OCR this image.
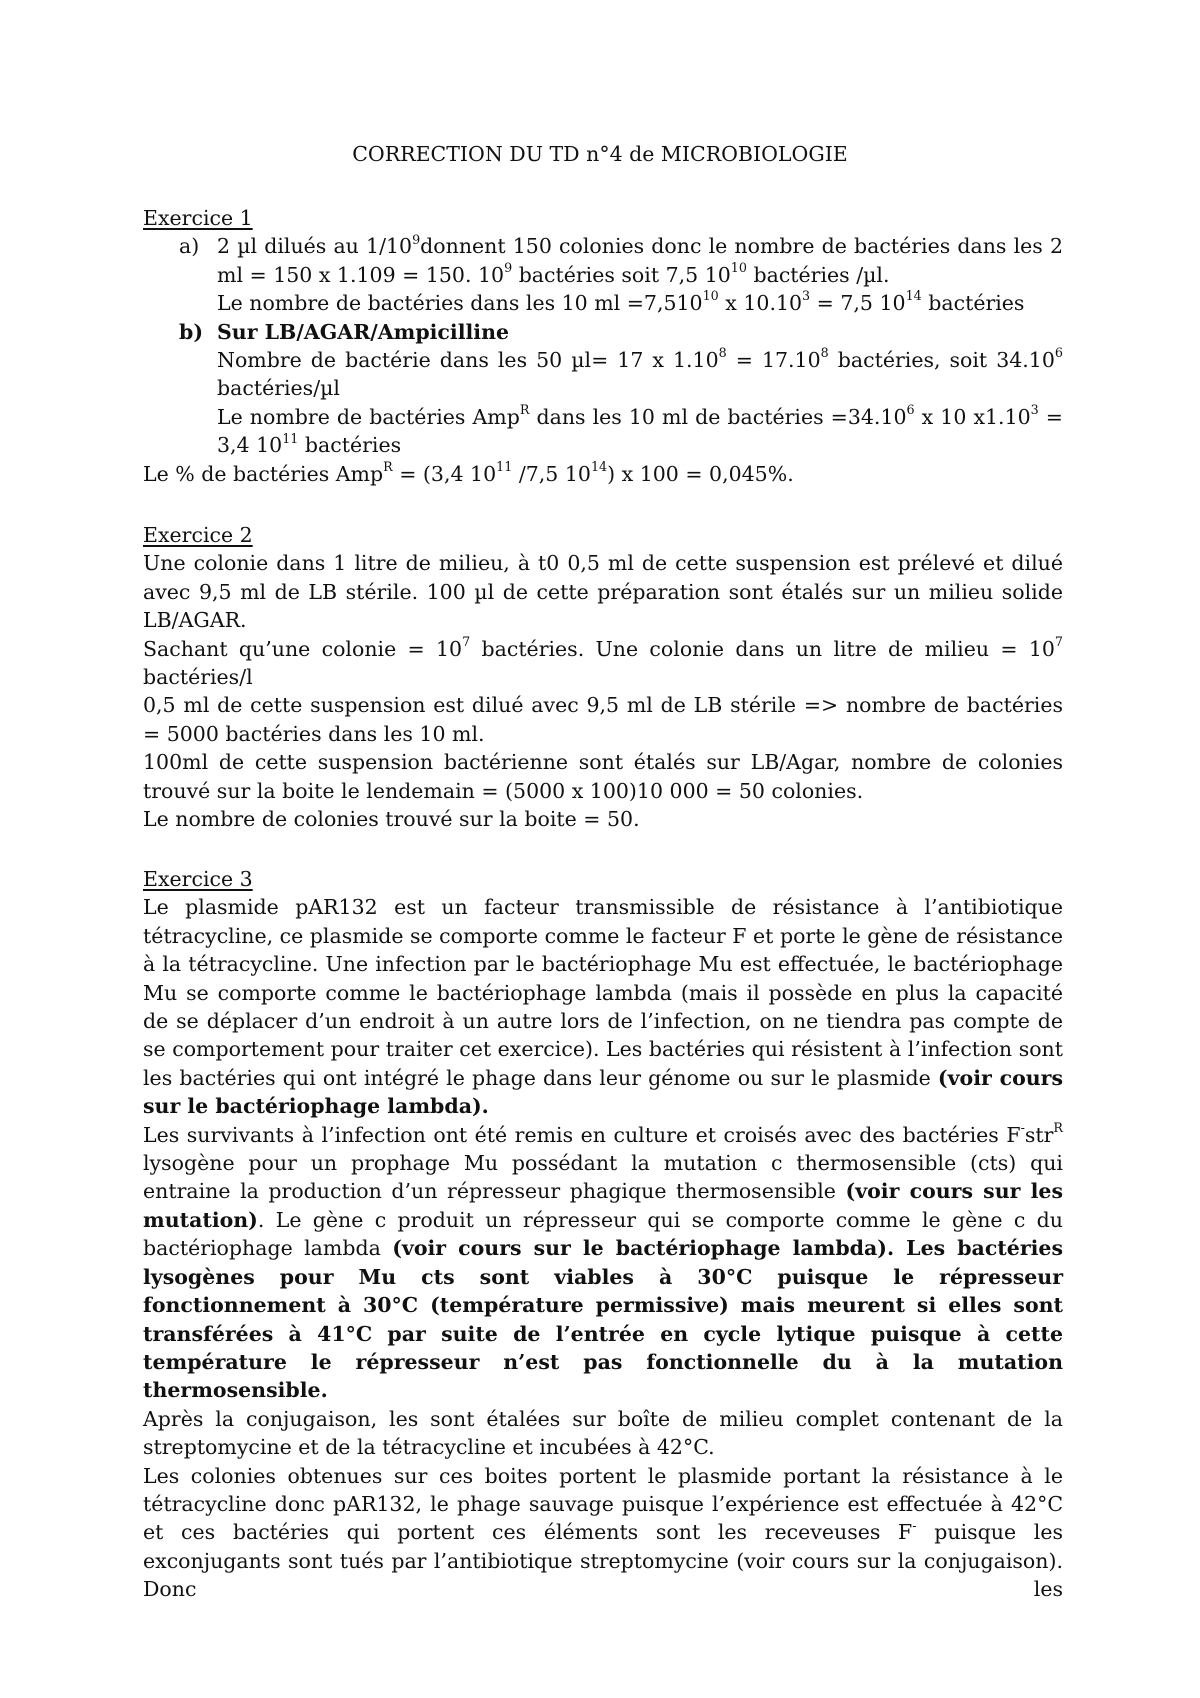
CORRECTION DU TD n°4 de MICROBIOLOGIE
Exercice 1
a) 2 µl dilués au $1/10^9donnent$ 150 colonies donc le nombre de bactéries dans les 2
ml = 150 x 1.109 = 150. $10^9$ bactéries soit 7,5 $10^{10}$ bactéries /µl.
Le nombre de bactéries dans les 10 ml $=7,510^{10}$ x $10.10^3 = 7,5$ $10^{14}$ bactéries
b) Sur LB/AGAR/Ampicilline
Nombre de bactérie dans les 50 µl= 17 x $1.10^8 = 17.10^8$ bactéries, soit 34.10$^6$
bactéries/µl
Le nombre de bactéries Amp$^R$ dans les 10 ml de bactéries $=34.10^6$ x 10 $x1.10^3$ =
3,4 $10^{11}$ bactéries
Le % de bactéries Amp$^R$ = (3,4 $10^{11}$ /7,5 $10^{14}$) x 100 = 0,045%.
Exercice 2

Une colonie dans 1 litre de milieu, à t0 0,5 ml de cette suspension est prélevé et dilué avec 9,5 ml de LB stérile. 100 µl de cette préparation sont étalés sur un milieu solide LB/AGAR.

Sachant qu’une colonie = $10^7$ bactéries. Une colonie dans un litre de milieu = $10^7$ bactéries/l

0,5 ml de cette suspension est dilué avec 9,5 ml de LB stérile => nombre de bactéries = 5000 bactéries dans les 10 ml.

100ml de cette suspension bactérienne sont étalés sur LB/Agar, nombre de colonies trouvé sur la boite le lendemain = (5000 x 100)10 000 = 50 colonies.

Le nombre de colonies trouvé sur la boite = 50.

Exercice 3

Le plasmide pAR132 est un facteur transmissible de résistance à l’antibiotique tétracycline, ce plasmide se comporte comme le facteur F et porte le gène de résistance à la tétracycline. Une infection par le bactériophage Mu est effectuée, le bactériophage Mu se comporte comme le bactériophage lambda (mais il possède en plus la capacité de se déplacer d’un endroit à un autre lors de l’infection, on ne tiendra pas compte de se comportement pour traiter cet exercice). Les bactéries qui résistent à l’infection sont les bactéries qui ont intégré le phage dans leur génome ou sur le plasmide (voir cours sur le bactériophage lambda).

Les survivants à l’infection ont été remis en culture et croisés avec des bactéries F-str$^R$ lysogène pour un prophage Mu possédant la mutation c thermosensible (cts) qui entraine la production d’un répresseur phagique thermosensible (voir cours sur les mutation). Le gène c produit un répresseur qui se comporte comme le gène c du bactériophage lambda (voir cours sur le bactériophage lambda). Les bactéries lysogènes pour Mu cts sont viables à 30°C puisque le répresseur fonctionnement à 30°C (température permissive) mais meurent si elles sont transférées à 41°C par suite de l’entrée en cycle lytique puisque à cette température le répresseur n’est pas fonctionnelle du à la mutation thermosensible.

Après la conjugaison, les sont étalées sur boîte de milieu complet contenant de la streptomycine et de la tétracycline et incubées à 42°C.

Les colonies obtenues sur ces boites portent le plasmide portant la résistance à le tétracycline donc pAR132, le phage sauvage puisque l’expérience est effectuée à 42°C et ces bactéries qui portent ces éléments sont les receveuses F- puisque les exconjugants sont tués par l’antibiotique streptomycine (voir cours sur la conjugaison). Donc les
